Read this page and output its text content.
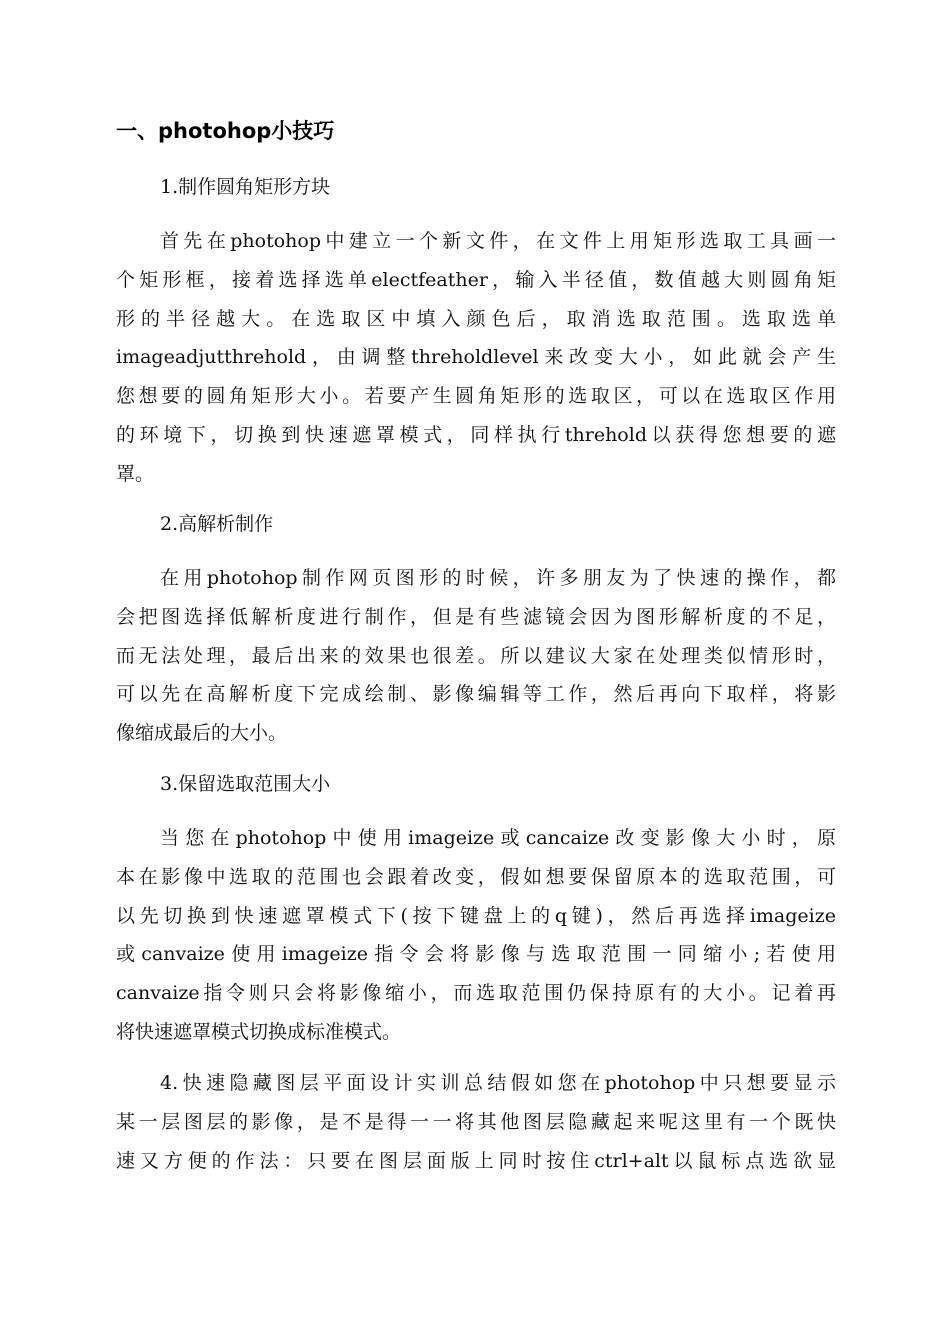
一、photohop小技巧
1.制作圆角矩形方块
首先在photohop中建立一个新文件，在文件上用矩形选取工具画一
个矩形框，接着选择选单electfeather，输入半径值，数值越大则圆角矩
形的半径越大。在选取区中填入颜色后，取消选取范围。选取选单
imageadjutthrehold，由调整threholdlevel来改变大小，如此就会产生
您想要的圆角矩形大小。若要产生圆角矩形的选取区，可以在选取区作用
的环境下，切换到快速遮罩模式，同样执行threhold以获得您想要的遮
罩。
2.高解析制作
在用photohop制作网页图形的时候，许多朋友为了快速的操作，都
会把图选择低解析度进行制作，但是有些滤镜会因为图形解析度的不足，
而无法处理，最后出来的效果也很差。所以建议大家在处理类似情形时，
可以先在高解析度下完成绘制、影像编辑等工作，然后再向下取样，将影
像缩成最后的大小。
3.保留选取范围大小
当您在photohop中使用imageize或cancaize改变影像大小时，原
本在影像中选取的范围也会跟着改变，假如想要保留原本的选取范围，可
以先切换到快速遮罩模式下(按下键盘上的q键)，然后再选择imageize
或canvaize使用imageize指令会将影像与选取范围一同缩小;若使用
canvaize指令则只会将影像缩小，而选取范围仍保持原有的大小。记着再
将快速遮罩模式切换成标准模式。
4.快速隐藏图层平面设计实训总结假如您在photohop中只想要显示
某一层图层的影像，是不是得一一将其他图层隐藏起来呢这里有一个既快
速又方便的作法：只要在图层面版上同时按住ctrl+alt以鼠标点选欲显
